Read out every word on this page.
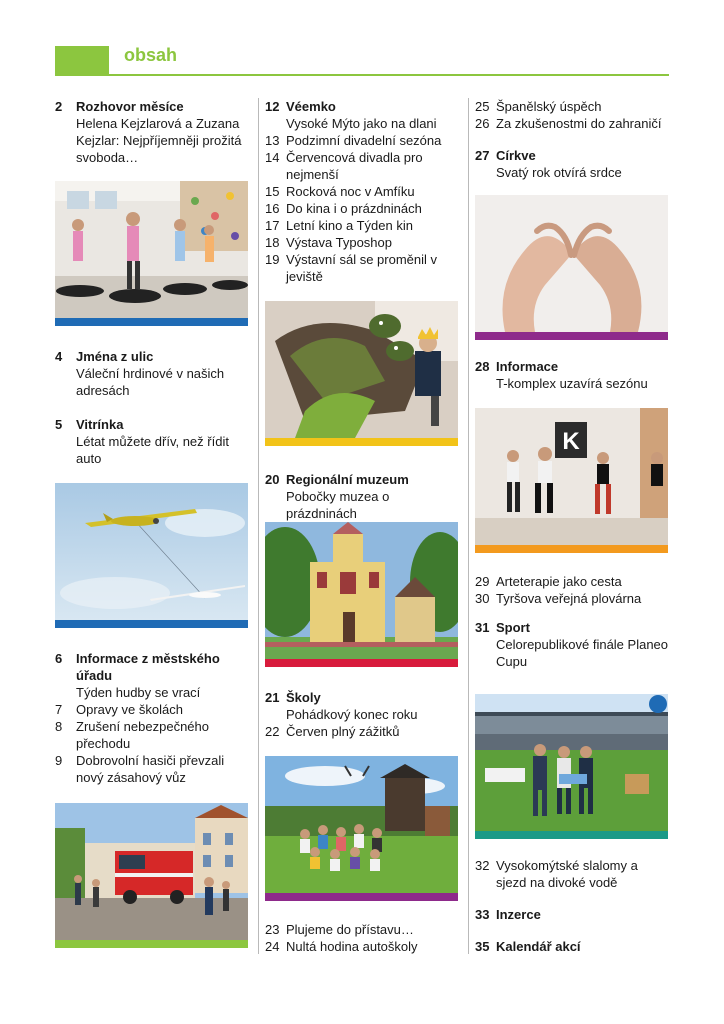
obsah
2	Rozhovor měsíce
Helena Kejzlarová a Zuzana Kejzlar: Nejpříjemněji prožitá svoboda…
4	Jména z ulic
Váleční hrdinové v našich adresách
5	Vitrínka
Létat můžete dřív, než řídit auto
6	Informace z městského úřadu
Týden hudby se vrací
7	Opravy ve školách
8	Zrušení nebezpečného přechodu
9	Dobrovolní hasiči převzali nový zásahový vůz
12 Véemko
Vysoké Mýto jako na dlani
13 Podzimní divadelní sezóna
14 Červencová divadla pro nejmenší
15 Rocková noc v Amfíku
16 Do kina i o prázdninách
17 Letní kino a Týden kin
18 Výstava Typoshop
19 Výstavní sál se proměnil v jeviště
20 Regionální muzeum
Pobočky muzea o prázdninách
21 Školy
Pohádkový konec roku
22 Červen plný zážitků
23 Plujeme do přístavu…
24 Nultá hodina autoškoly
25 Španělský úspěch
26 Za zkušenostmi do zahraničí
27 Církve
Svatý rok otvírá srdce
28 Informace
T-komplex uzavírá sezónu
K
29 Arteterapie jako cesta
30 Tyršova veřejná plovárna
31 Sport
Celorepublikové finále Planeo Cupu
32 Vysokomýtské slalomy a sjezd na divoké vodě
33 Inzerce
35 Kalendář akcí
